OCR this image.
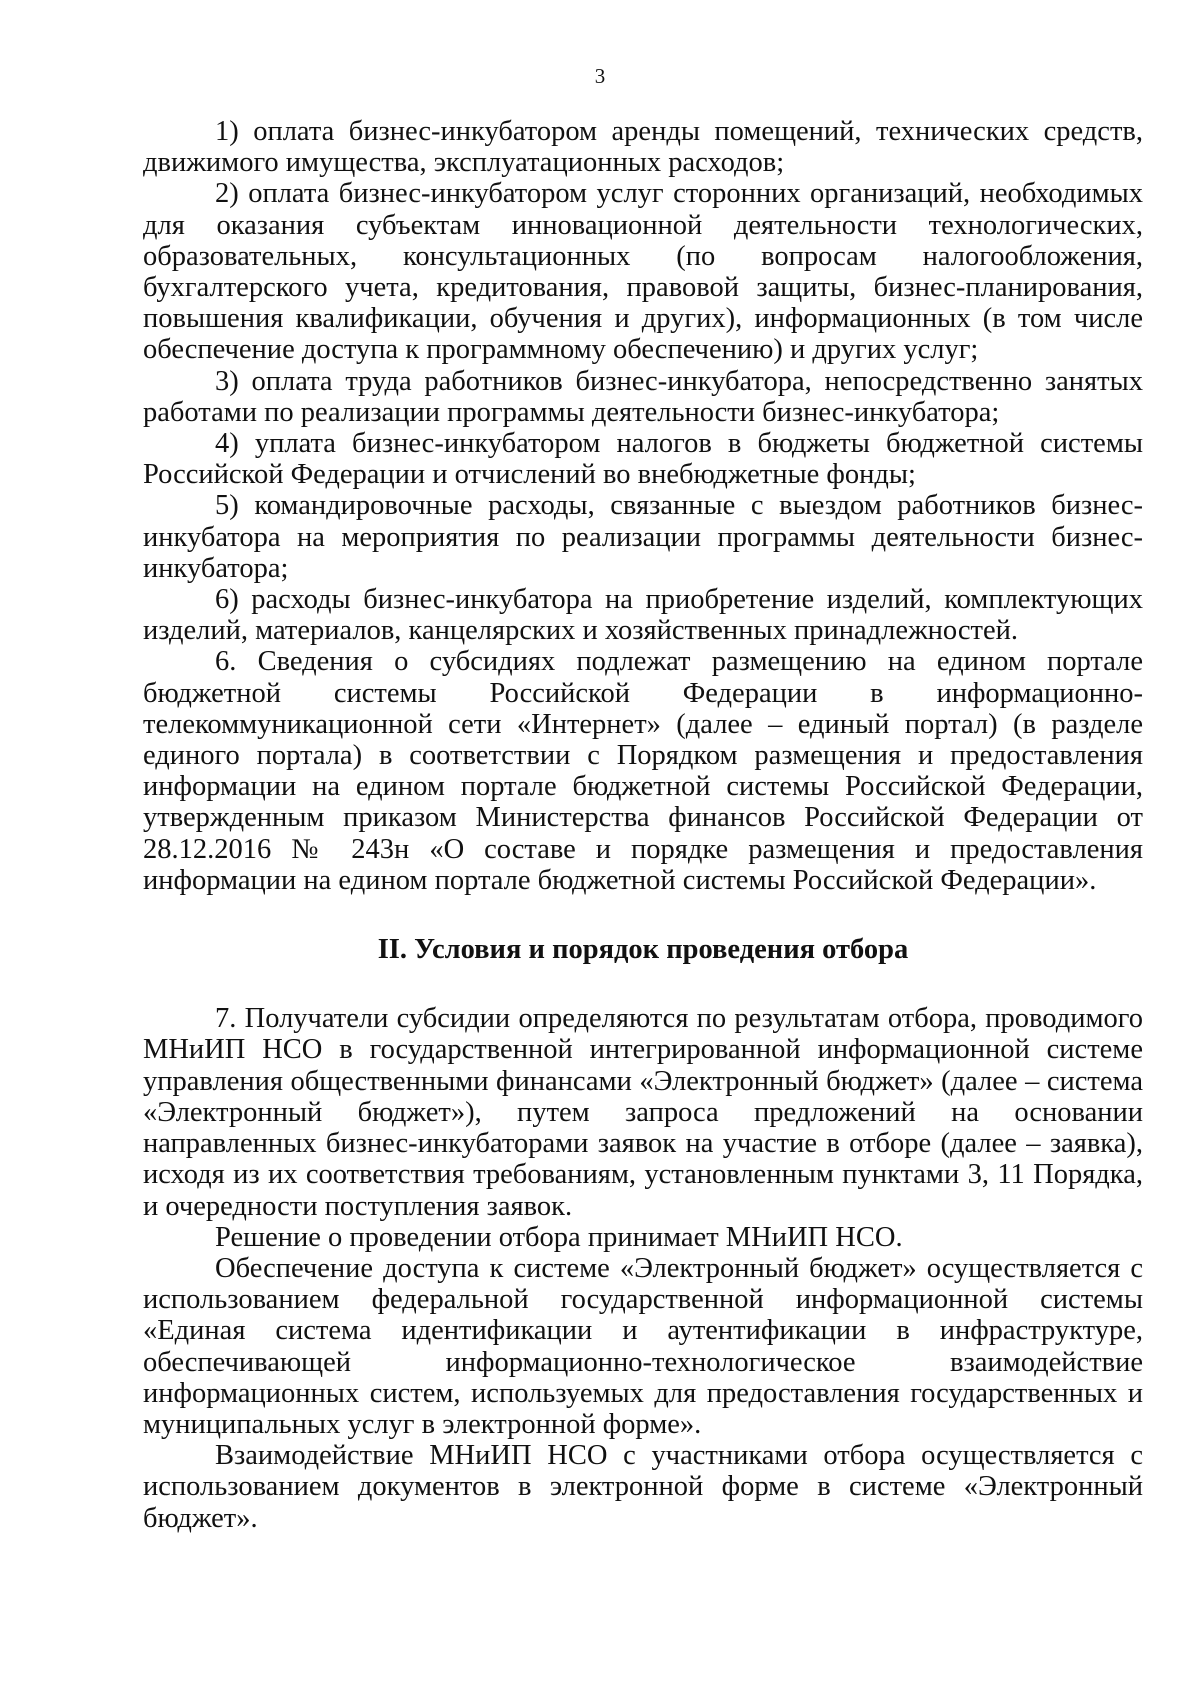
3

1) оплата бизнес-инкубатором аренды помещений, технических средств, движимого имущества, эксплуатационных расходов;

2) оплата бизнес-инкубатором услуг сторонних организаций, необходимых для оказания субъектам инновационной деятельности технологических, образовательных, консультационных (по вопросам налогообложения, бухгалтерского учета, кредитования, правовой защиты, бизнес-планирования, повышения квалификации, обучения и других), информационных (в том числе обеспечение доступа к программному обеспечению) и других услуг;

3) оплата труда работников бизнес-инкубатора, непосредственно занятых работами по реализации программы деятельности бизнес-инкубатора;

4) уплата бизнес-инкубатором налогов в бюджеты бюджетной системы Российской Федерации и отчислений во внебюджетные фонды;

5) командировочные расходы, связанные с выездом работников бизнес-инкубатора на мероприятия по реализации программы деятельности бизнес-инкубатора;

6) расходы бизнес-инкубатора на приобретение изделий, комплектующих изделий, материалов, канцелярских и хозяйственных принадлежностей.

6. Сведения о субсидиях подлежат размещению на едином портале бюджетной системы Российской Федерации в информационно-телекоммуникационной сети «Интернет» (далее – единый портал) (в разделе единого портала) в соответствии с Порядком размещения и предоставления информации на едином портале бюджетной системы Российской Федерации, утвержденным приказом Министерства финансов Российской Федерации от 28.12.2016 № 243н «О составе и порядке размещения и предоставления информации на едином портале бюджетной системы Российской Федерации».

II. Условия и порядок проведения отбора

7. Получатели субсидии определяются по результатам отбора, проводимого МНиИП НСО в государственной интегрированной информационной системе управления общественными финансами «Электронный бюджет» (далее – система «Электронный бюджет»), путем запроса предложений на основании направленных бизнес-инкубаторами заявок на участие в отборе (далее – заявка), исходя из их соответствия требованиям, установленным пунктами 3, 11 Порядка, и очередности поступления заявок.

Решение о проведении отбора принимает МНиИП НСО.

Обеспечение доступа к системе «Электронный бюджет» осуществляется с использованием федеральной государственной информационной системы «Единая система идентификации и аутентификации в инфраструктуре, обеспечивающей информационно-технологическое взаимодействие информационных систем, используемых для предоставления государственных и муниципальных услуг в электронной форме».

Взаимодействие МНиИП НСО с участниками отбора осуществляется с использованием документов в электронной форме в системе «Электронный бюджет».
